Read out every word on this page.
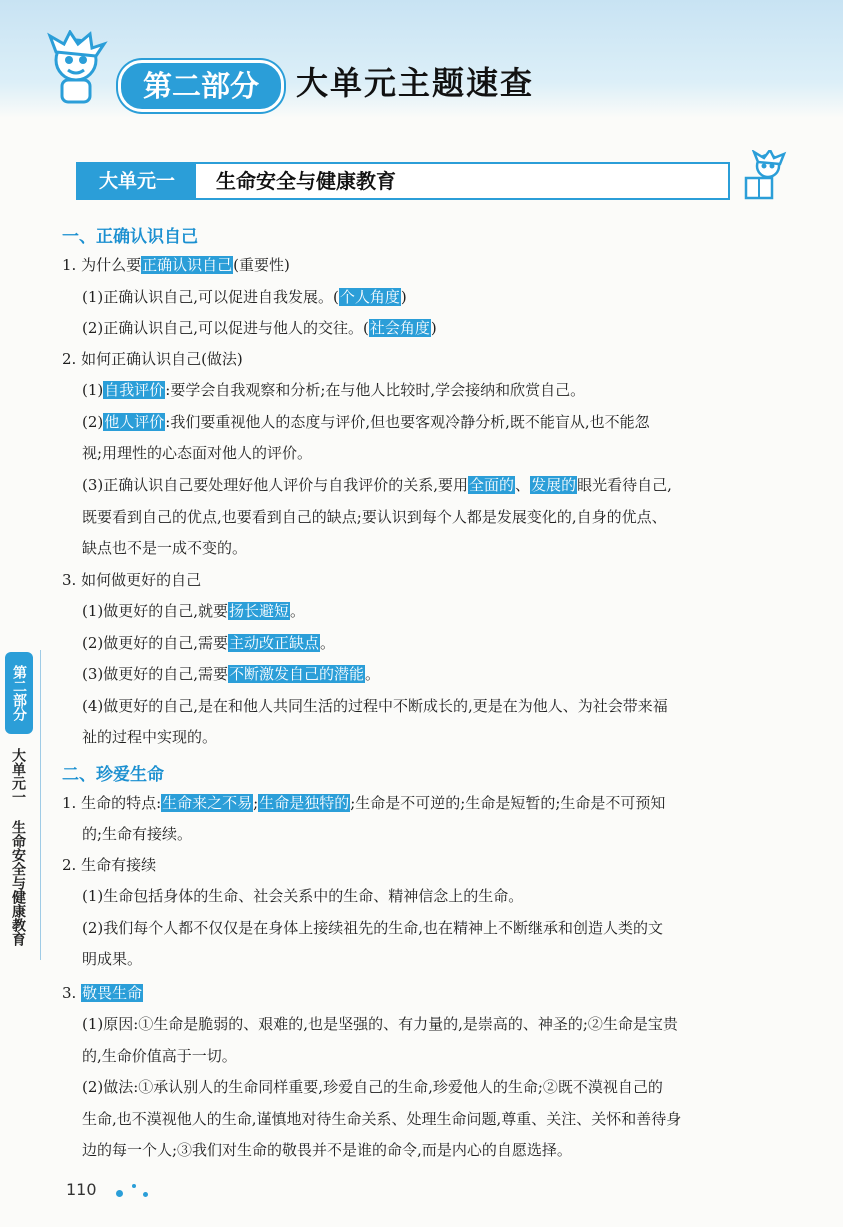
第二部分	大单元主题速查
大单元一	生命安全与健康教育
一、正确认识自己
1. 为什么要正确认识自己(重要性)
(1)正确认识自己,可以促进自我发展。(个人角度)
(2)正确认识自己,可以促进与他人的交往。(社会角度)
2. 如何正确认识自己(做法)
(1)自我评价:要学会自我观察和分析;在与他人比较时,学会接纳和欣赏自己。
(2)他人评价:我们要重视他人的态度与评价,但也要客观冷静分析,既不能盲从,也不能忽
视;用理性的心态面对他人的评价。
(3)正确认识自己要处理好他人评价与自我评价的关系,要用全面的、发展的眼光看待自己,
既要看到自己的优点,也要看到自己的缺点;要认识到每个人都是发展变化的,自身的优点、
缺点也不是一成不变的。
3. 如何做更好的自己
(1)做更好的自己,就要扬长避短。
(2)做更好的自己,需要主动改正缺点。
(3)做更好的自己,需要不断激发自己的潜能。
(4)做更好的自己,是在和他人共同生活的过程中不断成长的,更是在为他人、为社会带来福
祉的过程中实现的。
二、珍爱生命
1. 生命的特点:生命来之不易;生命是独特的;生命是不可逆的;生命是短暂的;生命是不可预知
的;生命有接续。
2. 生命有接续
(1)生命包括身体的生命、社会关系中的生命、精神信念上的生命。
(2)我们每个人都不仅仅是在身体上接续祖先的生命,也在精神上不断继承和创造人类的文
明成果。
3. 敬畏生命
(1)原因:①生命是脆弱的、艰难的,也是坚强的、有力量的,是崇高的、神圣的;②生命是宝贵
的,生命价值高于一切。
(2)做法:①承认别人的生命同样重要,珍爱自己的生命,珍爱他人的生命;②既不漠视自己的
生命,也不漠视他人的生命,谨慎地对待生命关系、处理生命问题,尊重、关注、关怀和善待身
边的每一个人;③我们对生命的敬畏并不是谁的命令,而是内心的自愿选择。
第二部分
大单元一
生命安全与健康教育
110
